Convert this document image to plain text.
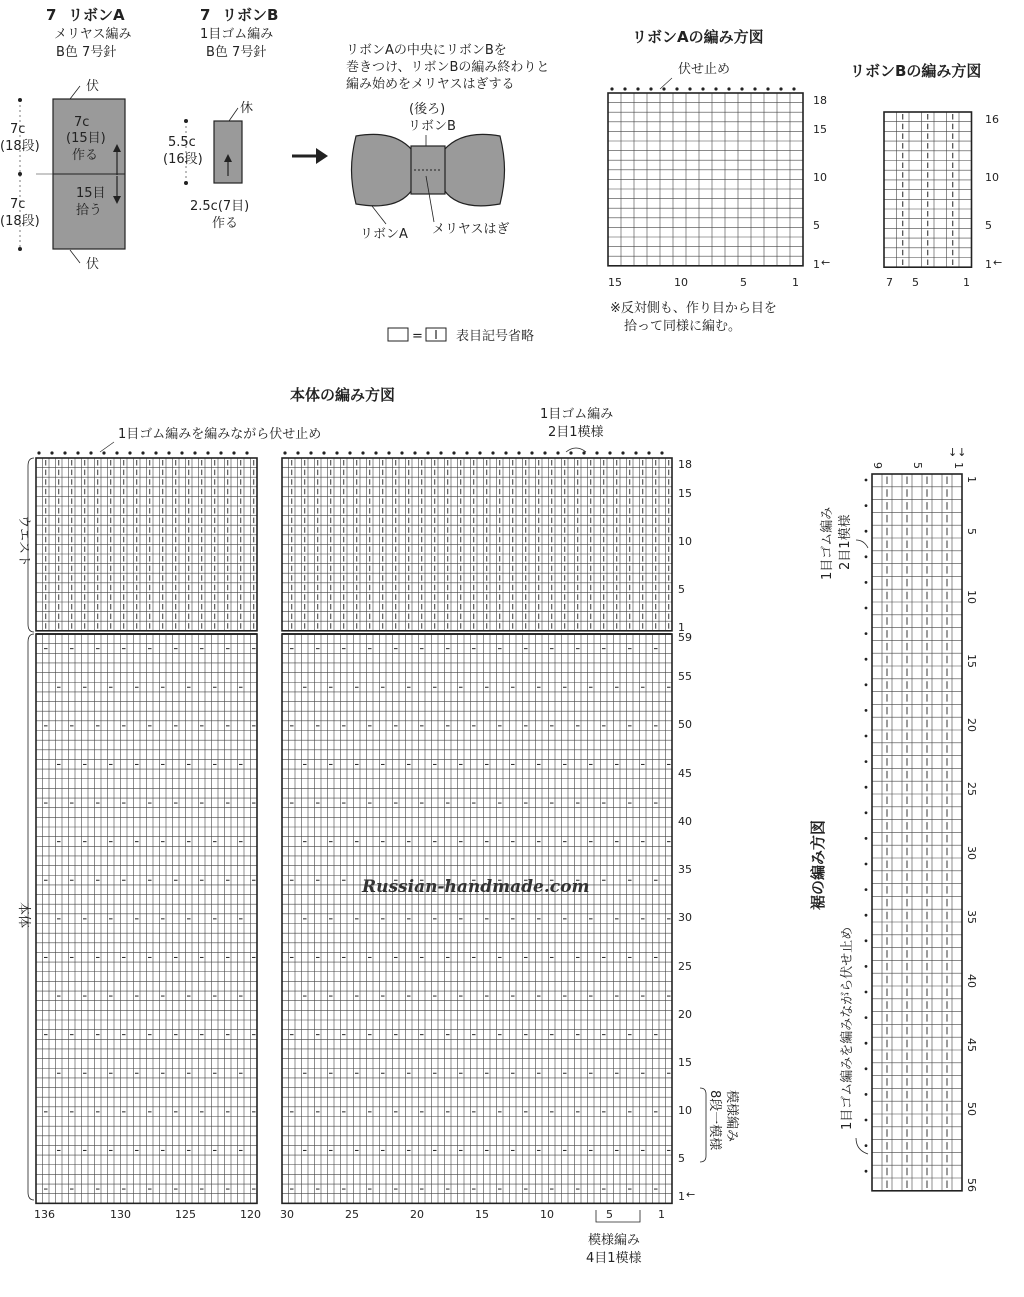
7 リボンA
メリヤス編み
B色 7号針
伏
7c
(15目)
作る
15目
拾う
伏
7c
(18段)
7c
(18段)
7 リボンB
1目ゴム編み
B色 7号針
休
5.5c
(16段)
2.5c(7目)
作る
リボンAの中央にリボンBを
巻きつけ、リボンBの編み終わりと
編み始めをメリヤスはぎする
(後ろ)
リボンB
リボンA メリヤスはぎ
=	表目記号省略
リボンAの編み方図
伏せ止め
18
15
10
5
1 ←
15	10	5	1
※反対側も、作り目から目を
拾って同様に編む。
リボンBの編み方図
16
10
5
1 ←
7 5	1
本体の編み方図
1目ゴム編みを編みながら伏せ止め
1目ゴム編み
2目1模様
ウエスト
本体
18
15
10
5
1
59
55
50
45
40
35
30
25
20
15
10
5
1 ←
8段一模様 模様編み
136	130	125	120 30	25	20	15	10	5	1
模様編み
4目1模様
Russian-handmade.com
9 5	1
↓↓
1
5
10
15
20
25
30
35
40
45
50
56
1目ゴム編み 2目1模様
裾の編み方図
1目ゴム編みを編みながら伏せ止め
